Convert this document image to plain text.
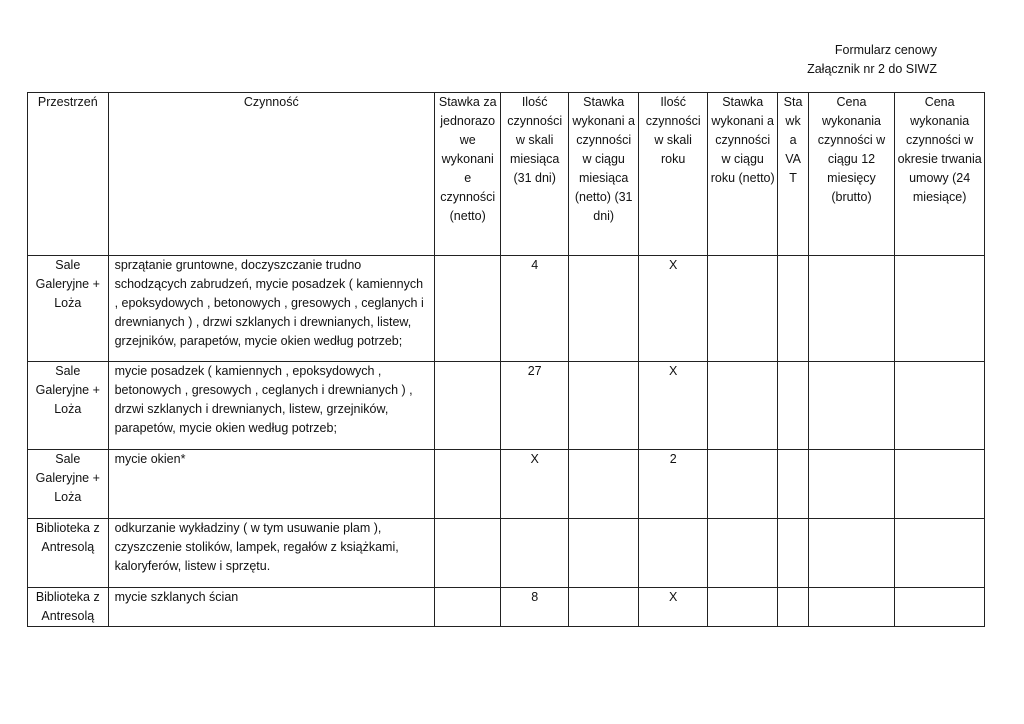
Formularz cenowy
Załącznik nr 2 do SIWZ
Przestrzeń	Czynność	Stawka za jednorazo we wykonani e czynności (netto)	Ilość czynności w skali miesiąca (31 dni)	Stawka wykonani a czynności w ciągu miesiąca (netto) (31 dni)	Ilość czynności w skali roku	Stawka wykonani a czynności w ciągu roku (netto)	Sta wk a VA T	Cena wykonania czynności w ciągu 12 miesięcy (brutto)	Cena wykonania czynności w okresie trwania umowy (24 miesiące)
Sale Galeryjne + Loża	sprzątanie gruntowne, doczyszczanie trudno schodzących zabrudzeń, mycie posadzek ( kamiennych , epoksydowych , betonowych , gresowych , ceglanych i drewnianych ) , drzwi szklanych i drewnianych, listew, grzejników, parapetów, mycie okien według potrzeb;		4		X				
Sale Galeryjne + Loża	mycie posadzek ( kamiennych , epoksydowych , betonowych , gresowych , ceglanych i drewnianych ) , drzwi szklanych i drewnianych, listew, grzejników, parapetów, mycie okien według potrzeb;		27		X				
Sale Galeryjne + Loża	mycie okien*		X		2				
Biblioteka z Antresolą	odkurzanie wykładziny ( w tym usuwanie plam ), czyszczenie stolików, lampek, regałów z książkami, kaloryferów, listew i sprzętu.								
Biblioteka z Antresolą	mycie szklanych ścian		8		X				
